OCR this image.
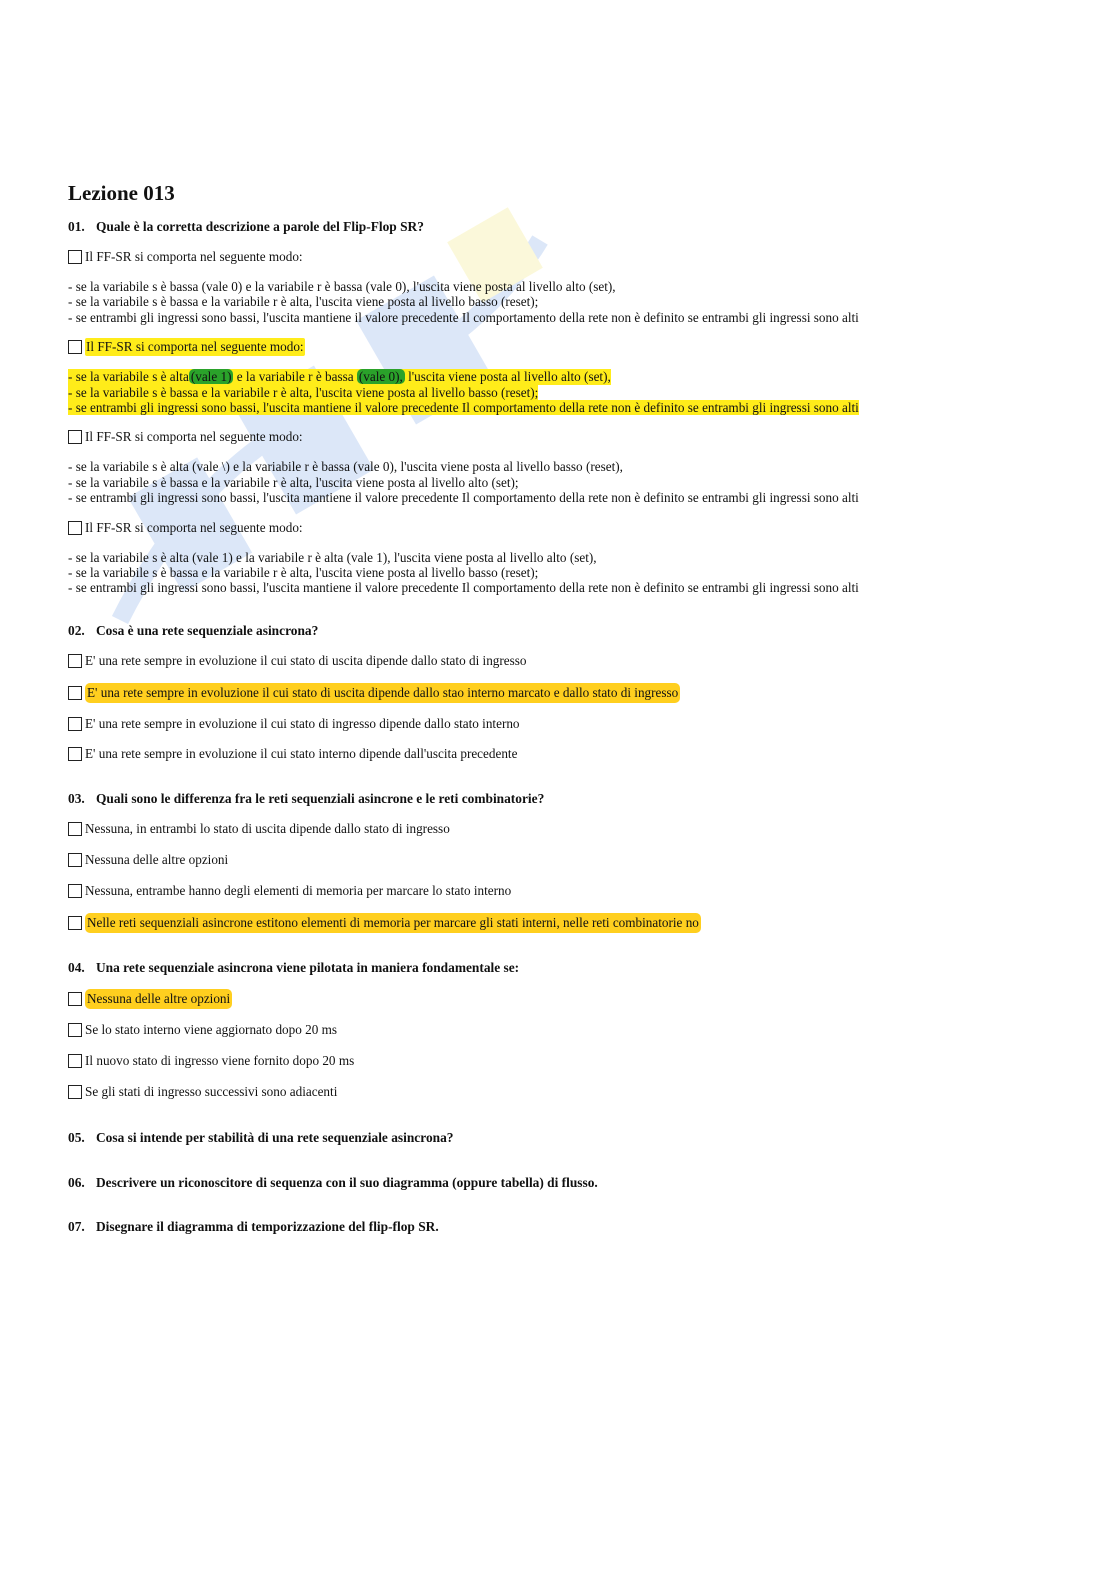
Lezione 013

01. Quale è la corretta descrizione a parole del Flip-Flop SR?

Il FF-SR si comporta nel seguente modo:
- se la variabile s è bassa (vale 0) e la variabile r è bassa (vale 0), l'uscita viene posta al livello alto (set),
- se la variabile s è bassa e la variabile r è alta, l'uscita viene posta al livello basso (reset);
- se entrambi gli ingressi sono bassi, l'uscita mantiene il valore precedente Il comportamento della rete non è definito se entrambi gli ingressi sono alti
Il FF-SR si comporta nel seguente modo:
- se la variabile s è alta (vale 1) e la variabile r è bassa (vale 0), l'uscita viene posta al livello alto (set),
- se la variabile s è bassa e la variabile r è alta, l'uscita viene posta al livello basso (reset);
- se entrambi gli ingressi sono bassi, l'uscita mantiene il valore precedente Il comportamento della rete non è definito se entrambi gli ingressi sono alti
Il FF-SR si comporta nel seguente modo:
- se la variabile s è alta (vale \) e la variabile r è bassa (vale 0), l'uscita viene posta al livello basso (reset),
- se la variabile s è bassa e la variabile r è alta, l'uscita viene posta al livello alto (set);
- se entrambi gli ingressi sono bassi, l'uscita mantiene il valore precedente Il comportamento della rete non è definito se entrambi gli ingressi sono alti
Il FF-SR si comporta nel seguente modo:
- se la variabile s è alta (vale 1) e la variabile r è alta (vale 1), l'uscita viene posta al livello alto (set),
- se la variabile s è bassa e la variabile r è alta, l'uscita viene posta al livello basso (reset);
- se entrambi gli ingressi sono bassi, l'uscita mantiene il valore precedente Il comportamento della rete non è definito se entrambi gli ingressi sono alti

02. Cosa è una rete sequenziale asincrona?

E' una rete sempre in evoluzione il cui stato di uscita dipende dallo stato di ingresso
E' una rete sempre in evoluzione il cui stato di uscita dipende dallo stao interno marcato e dallo stato di ingresso
E' una rete sempre in evoluzione il cui stato di ingresso dipende dallo stato interno
E' una rete sempre in evoluzione il cui stato interno dipende dall'uscita precedente

03. Quali sono le differenza fra le reti sequenziali asincrone e le reti combinatorie?

Nessuna, in entrambi lo stato di uscita dipende dallo stato di ingresso
Nessuna delle altre opzioni
Nessuna, entrambe hanno degli elementi di memoria per marcare lo stato interno
Nelle reti sequenziali asincrone estitono elementi di memoria per marcare gli stati interni, nelle reti combinatorie no

04. Una rete sequenziale asincrona viene pilotata in maniera fondamentale se:

Nessuna delle altre opzioni
Se lo stato interno viene aggiornato dopo 20 ms
Il nuovo stato di ingresso viene fornito dopo 20 ms
Se gli stati di ingresso successivi sono adiacenti

05. Cosa si intende per stabilità di una rete sequenziale asincrona?

06. Descrivere un riconoscitore di sequenza con il suo diagramma (oppure tabella) di flusso.

07. Disegnare il diagramma di temporizzazione del flip-flop SR.
